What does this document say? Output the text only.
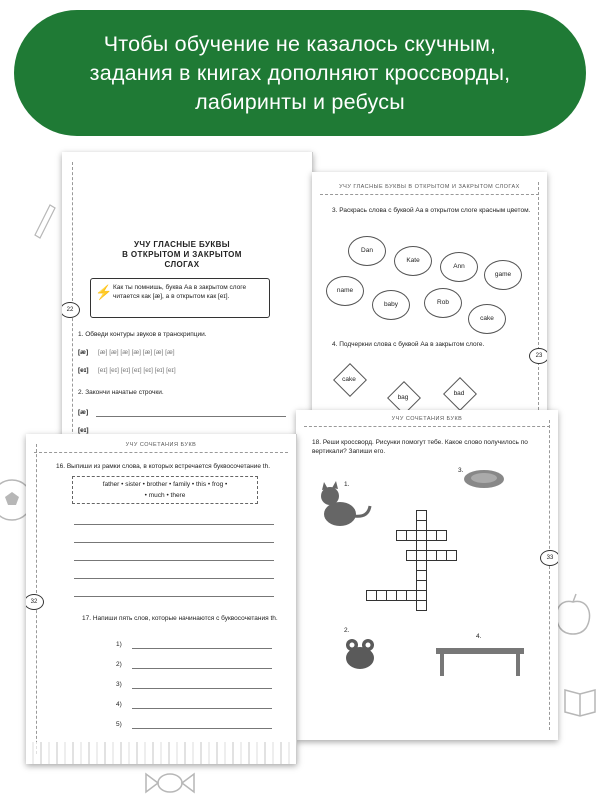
Чтобы обучение не казалось скучным,
задания в книгах дополняют кроссворды,
лабиринты и ребусы
22
УЧУ ГЛАСНЫЕ БУКВЫ
В ОТКРЫТОМ И ЗАКРЫТОМ
СЛОГАХ
⚡ Как ты помнишь, буква Aa в закрытом слоге читается как [æ], а в открытом как [eɪ].
1. Обведи контуры звуков в транскрипции.
[æ] [æ] [æ] [æ] [æ] [æ] [æ] [æ]
[eɪ] [eɪ] [eɪ] [eɪ] [eɪ] [eɪ] [eɪ] [eɪ]
2. Закончи начатые строчки.
[æ]
[eɪ]
УЧУ ГЛАСНЫЕ БУКВЫ В ОТКРЫТОМ И ЗАКРЫТОМ СЛОГАХ
23
3. Раскрась слова с буквой Aa в открытом слоге красным цветом.
Dan
Kate
Ann
game
name
baby	Rob
cake
4. Подчеркни слова с буквой Aa в закрытом слоге.
cake
bag
bad
УЧУ СОЧЕТАНИЯ БУКВ
33
18. Реши кроссворд. Рисунки помогут тебе. Какое слово получилось по вертикали? Запиши его.
1.
2.
3.
4.
УЧУ СОЧЕТАНИЯ БУКВ
32
16. Выпиши из рамки слова, в которых встречается буквосочетание th.
father • sister • brother • family • this • frog •
• much • there
17. Напиши пять слов, которые начинаются с буквосочетания th.
1)
2)
3)
4)
5)
